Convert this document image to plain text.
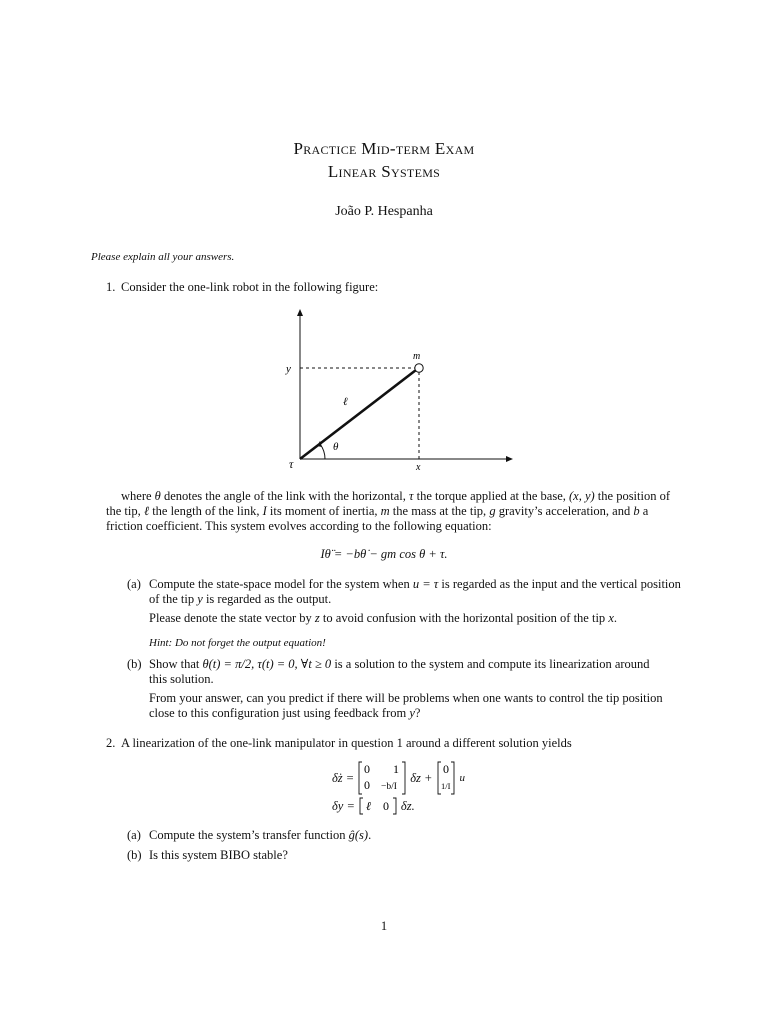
Practice Mid-term Exam
Linear Systems
João P. Hespanha
Please explain all your answers.
1. Consider the one-link robot in the following figure:
m
y
ℓ
θ
τ	x
where θ denotes the angle of the link with the horizontal, τ the torque applied at the base, (x, y) the position of
the tip, ℓ the length of the link, I its moment of inertia, m the mass at the tip, g gravity’s acceleration, and b a
friction coefficient. This system evolves according to the following equation:
Iθ̈ = −bθ̇ − gm cos θ + τ.
(a) Compute the state-space model for the system when u = τ is regarded as the input and the vertical position
of the tip y is regarded as the output.
Please denote the state vector by z to avoid confusion with the horizontal position of the tip x.
Hint: Do not forget the output equation!
(b) Show that θ(t) = π/2, τ(t) = 0, ∀t ≥ 0 is a solution to the system and compute its linearization around
this solution.
From your answer, can you predict if there will be problems when one wants to control the tip position
close to this configuration just using feedback from y?
2. A linearization of the one-link manipulator in question 1 around a different solution yields
δż =
0 1
0 −b/I
δz +
0
1/I
u
δy = ℓ 0 δz.
(a) Compute the system’s transfer function ĝ(s).
(b) Is this system BIBO stable?
1
